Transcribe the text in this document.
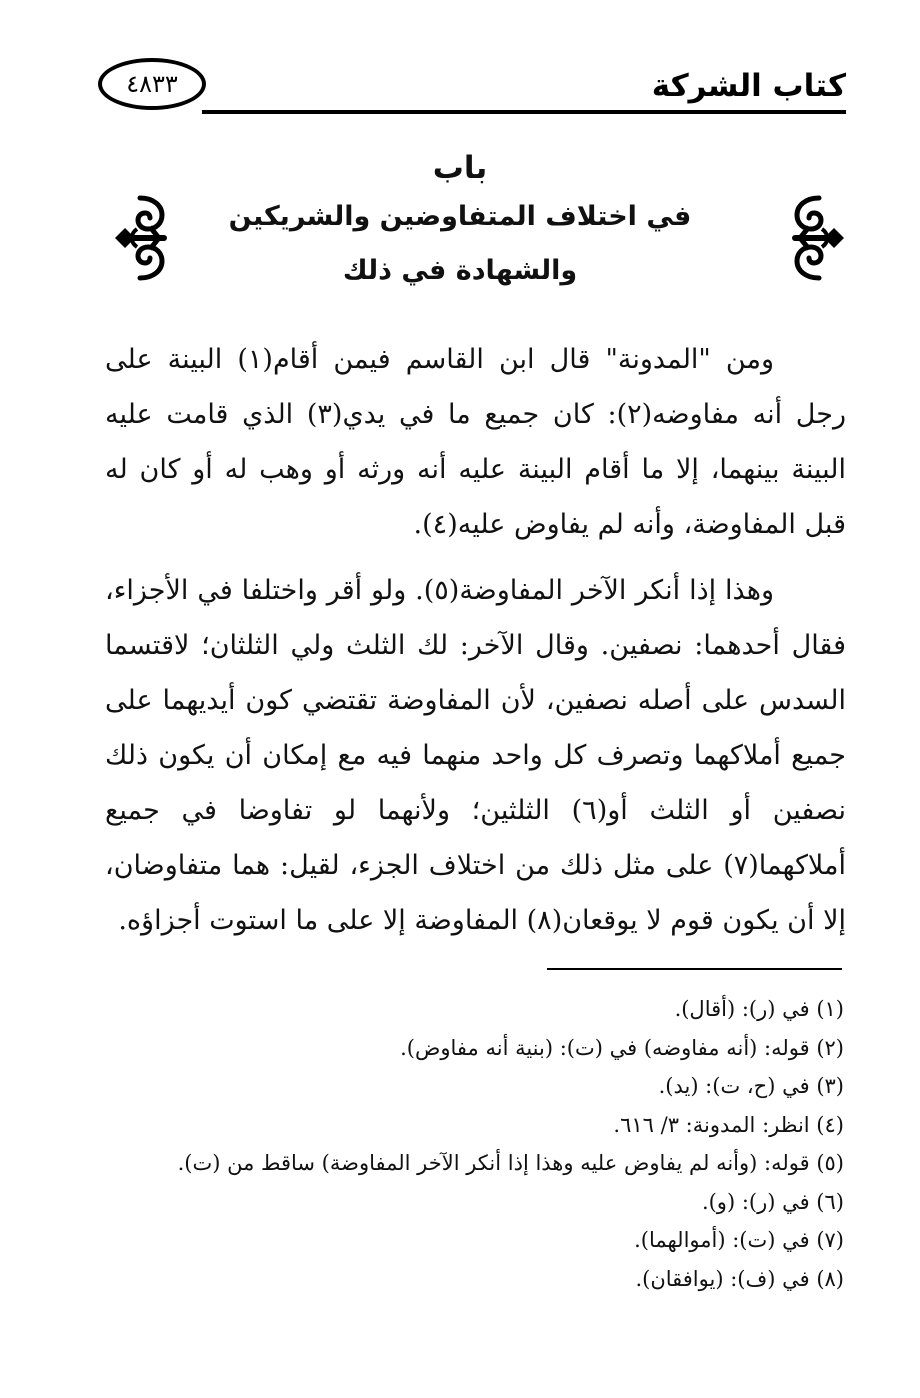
كتاب الشركة
٤٨٣٣
باب
في اختلاف المتفاوضين والشريكين
والشهادة في ذلك

ومن "المدونة" قال ابن القاسم فيمن أقام(١) البينة على رجل أنه مفاوضه(٢): كان جميع ما في يدي(٣) الذي قامت عليه البينة بينهما، إلا ما أقام البينة عليه أنه ورثه أو وهب له أو كان له قبل المفاوضة، وأنه لم يفاوض عليه(٤).

وهذا إذا أنكر الآخر المفاوضة(٥). ولو أقر واختلفا في الأجزاء، فقال أحدهما: نصفين. وقال الآخر: لك الثلث ولي الثلثان؛ لاقتسما السدس على أصله نصفين، لأن المفاوضة تقتضي كون أيديهما على جميع أملاكهما وتصرف كل واحد منهما فيه مع إمكان أن يكون ذلك نصفين أو الثلث أو(٦) الثلثين؛ ولأنهما لو تفاوضا في جميع أملاكهما(٧) على مثل ذلك من اختلاف الجزء، لقيل: هما متفاوضان، إلا أن يكون قوم لا يوقعان(٨) المفاوضة إلا على ما استوت أجزاؤه.

(١) في (ر): (أقال).

(٢) قوله: (أنه مفاوضه) في (ت): (بنية أنه مفاوض).

(٣) في (ح، ت): (يد).

(٤) انظر: المدونة: ٣/ ٦١٦.

(٥) قوله: (وأنه لم يفاوض عليه وهذا إذا أنكر الآخر المفاوضة) ساقط من (ت).

(٦) في (ر): (و).

(٧) في (ت): (أموالهما).

(٨) في (ف): (يوافقان).
